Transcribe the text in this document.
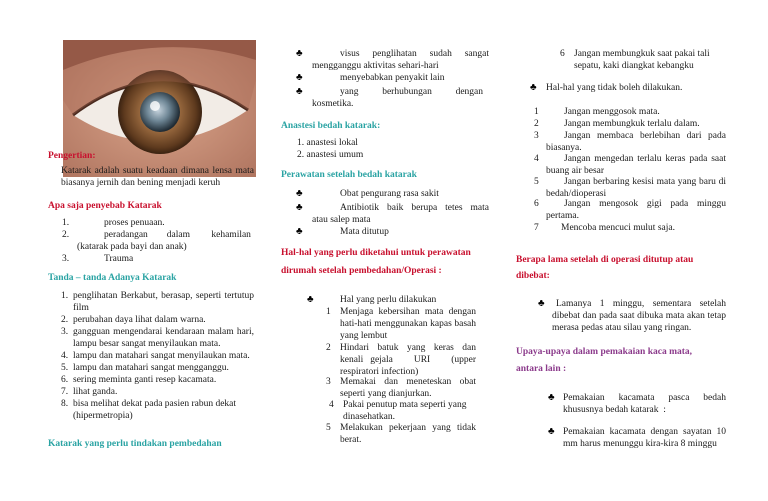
Pengertian:
Katarak adalah suatu keadaan dimana lensa mata biasanya jernih dan bening menjadi keruh
Apa saja penyebab Katarak
1.	proses penuaan.
2.	peradangan        dalam         kehamilan
(katarak pada bayi dan anak)
3.	Trauma
Tanda – tanda Adanya Katarak
1. penglihatan Berkabut, berasap, seperti tertutup film
2. perubahan daya lihat dalam warna.
3. gangguan mengendarai kendaraan malam hari, lampu besar sangat menyilaukan mata.
4. lampu dan matahari sangat menyilaukan mata.
5. lampu dan matahari sangat mengganggu.
6. sering meminta ganti resep kacamata.
7. lihat ganda.
8. bisa melihat dekat pada pasien rabun dekat (hipermetropia)
Katarak yang perlu tindakan pembedahan
♣	visus penglihatan sudah sangat mengganggu aktivitas sehari-hari
♣	menyebabkan penyakit lain
♣	yang          berhubungan          dengan kosmetika.
Anastesi bedah katarak:
1. anastesi lokal
2. anastesi umum
Perawatan setelah bedah katarak
♣	Obat pengurang rasa sakit
♣	Antibiotik  baik  berupa  tetes  mata atau salep mata
♣	Mata ditutup
Hal-hal yang perlu diketahui untuk perawatan
dirumah setelah pembedahan/Operasi :
♣	Hal yang perlu dilakukan
1 Menjaga kebersihan mata dengan hati-hati menggunakan kapas basah yang lembut
2 Hindari batuk yang keras dan kenali gejala   URI   (upper   respiratori infection)
3 Memakai   dan   meneteskan   obat seperti yang dianjurkan.
4 Pakai penutup mata seperti yang dinasehatkan.
5 Melakukan  pekerjaan  yang  tidak berat.
6 Jangan membungkuk saat pakai tali sepatu, kaki diangkat kebangku
♣ Hal-hal yang tidak boleh dilakukan.
1	Jangan menggosok mata.
2	Jangan membungkuk terlalu dalam.
3	Jangan membaca berlebihan dari pada biasanya.
4	Jangan mengedan terlalu keras pada saat buang air besar
5	Jangan berbaring kesisi mata yang baru di bedah/dioperasi
6	Jangan  mengosok  gigi  pada  minggu pertama.
7 Mencoba mencuci mulut saja.
Berapa lama setelah di operasi ditutup atau
dibebat:
♣	Lamanya  1  minggu,  sementara  setelah dibebat dan pada saat dibuka mata akan tetap merasa pedas atau silau yang ringan.
Upaya-upaya dalam pemakaian kaca mata,
antara lain :
♣ Pemakaian    kacamata    pasca    bedah khususnya bedah katarak  :
♣ Pemakaian kacamata dengan sayatan 10 mm harus menunggu kira-kira 8 minggu
